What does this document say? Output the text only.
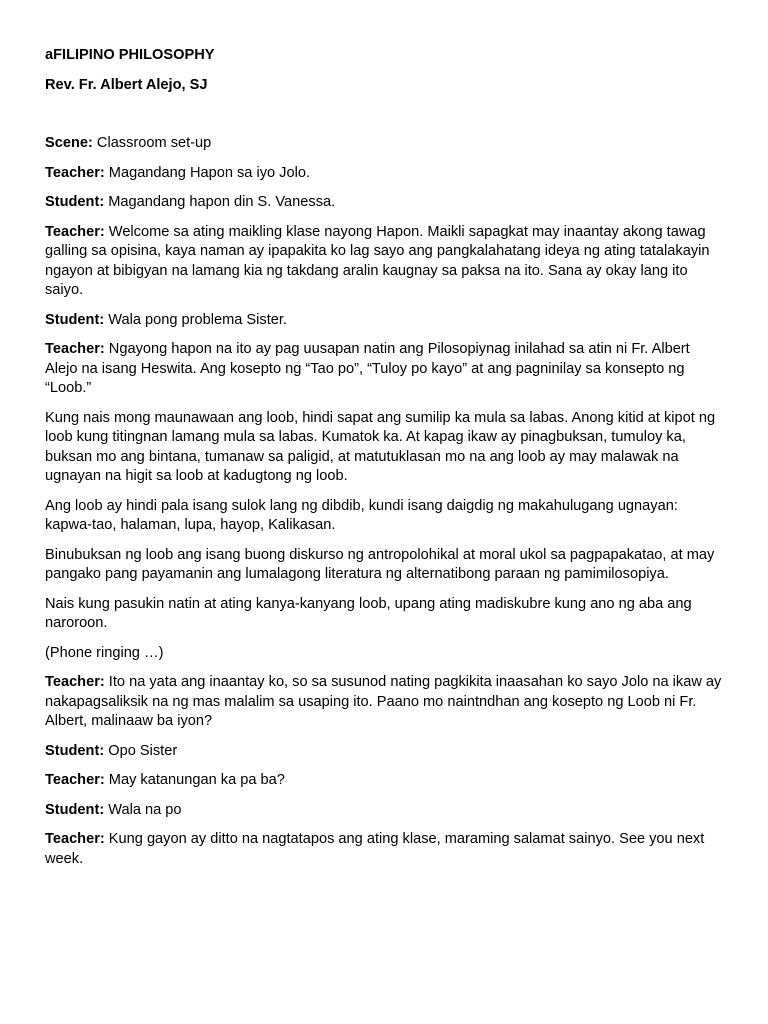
aFILIPINO PHILOSOPHY

Rev. Fr. Albert Alejo, SJ

Scene: Classroom set-up

Teacher: Magandang Hapon sa iyo Jolo.

Student: Magandang hapon din S. Vanessa.

Teacher: Welcome sa ating maikling klase nayong Hapon. Maikli sapagkat may inaantay akong tawag galling sa opisina, kaya naman ay ipapakita ko lag sayo ang pangkalahatang ideya ng ating tatalakayin ngayon at bibigyan na lamang kia ng takdang aralin kaugnay sa paksa na ito. Sana ay okay lang ito saiyo.

Student: Wala pong problema Sister.

Teacher: Ngayong hapon na ito ay pag uusapan natin ang Pilosopiynag inilahad sa atin ni Fr. Albert Alejo na isang Heswita. Ang kosepto ng “Tao po”, “Tuloy po kayo” at ang pagninilay sa konsepto ng “Loob.”

Kung nais mong maunawaan ang loob, hindi sapat ang sumilip ka mula sa labas. Anong kitid at kipot ng loob kung titingnan lamang mula sa labas. Kumatok ka. At kapag ikaw ay pinagbuksan, tumuloy ka, buksan mo ang bintana, tumanaw sa paligid, at matutuklasan mo na ang loob ay may malawak na ugnayan na higit sa loob at kadugtong ng loob.

Ang loob ay hindi pala isang sulok lang ng dibdib, kundi isang daigdig ng makahulugang ugnayan: kapwa-tao, halaman, lupa, hayop, Kalikasan.

Binubuksan ng loob ang isang buong diskurso ng antropolohikal at moral ukol sa pagpapakatao, at may pangako pang payamanin ang lumalagong literatura ng alternatibong paraan ng pamimilosopiya.

Nais kung pasukin natin at ating kanya-kanyang loob, upang ating madiskubre kung ano ng aba ang naroroon.

(Phone ringing …)

Teacher: Ito na yata ang inaantay ko, so sa susunod nating pagkikita inaasahan ko sayo Jolo na ikaw ay nakapagsaliksik na ng mas malalim sa usaping ito. Paano mo naintndhan ang kosepto ng Loob ni Fr. Albert, malinaaw ba iyon?

Student: Opo Sister

Teacher: May katanungan ka pa ba?

Student: Wala na po

Teacher: Kung gayon ay ditto na nagtatapos ang ating klase, maraming salamat sainyo. See you next week.
